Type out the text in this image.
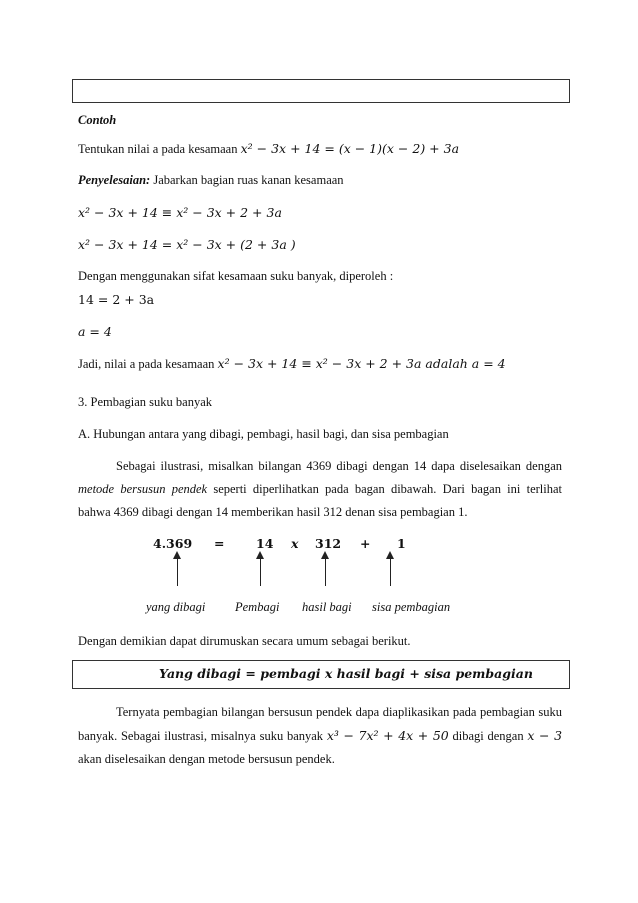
Contoh
Tentukan nilai a pada kesamaan x² − 3x + 14 = (x − 1)(x − 2) + 3a
Penyelesaian: Jabarkan bagian ruas kanan kesamaan
x² − 3x + 14 ≡ x² − 3x + 2 + 3a
x² − 3x + 14 = x² − 3x + (2 + 3a )
Dengan menggunakan sifat kesamaan suku banyak, diperoleh :
14 = 2 + 3a
a = 4
Jadi, nilai a pada kesamaan x² − 3x + 14 ≡ x² − 3x + 2 + 3a adalah a = 4
3. Pembagian suku banyak
A. Hubungan antara yang dibagi, pembagi, hasil bagi, dan sisa pembagian
Sebagai ilustrasi, misalkan bilangan 4369 dibagi dengan 14 dapa diselesaikan dengan metode bersusun pendek seperti diperlihatkan pada bagan dibawah. Dari bagan ini terlihat bahwa 4369 dibagi dengan 14 memberikan hasil 312 denan sisa pembagian 1.
4.369 =	14 x 312 + 1
yang dibagi Pembagi hasil bagi sisa pembagian
Dengan demikian dapat dirumuskan secara umum sebagai berikut.
Yang dibagi = pembagi x hasil bagi + sisa pembagian
Ternyata pembagian bilangan bersusun pendek dapa diaplikasikan pada pembagian suku banyak. Sebagai ilustrasi, misalnya suku banyak x³ − 7x² + 4x + 50 dibagi dengan x − 3 akan diselesaikan dengan metode bersusun pendek.
